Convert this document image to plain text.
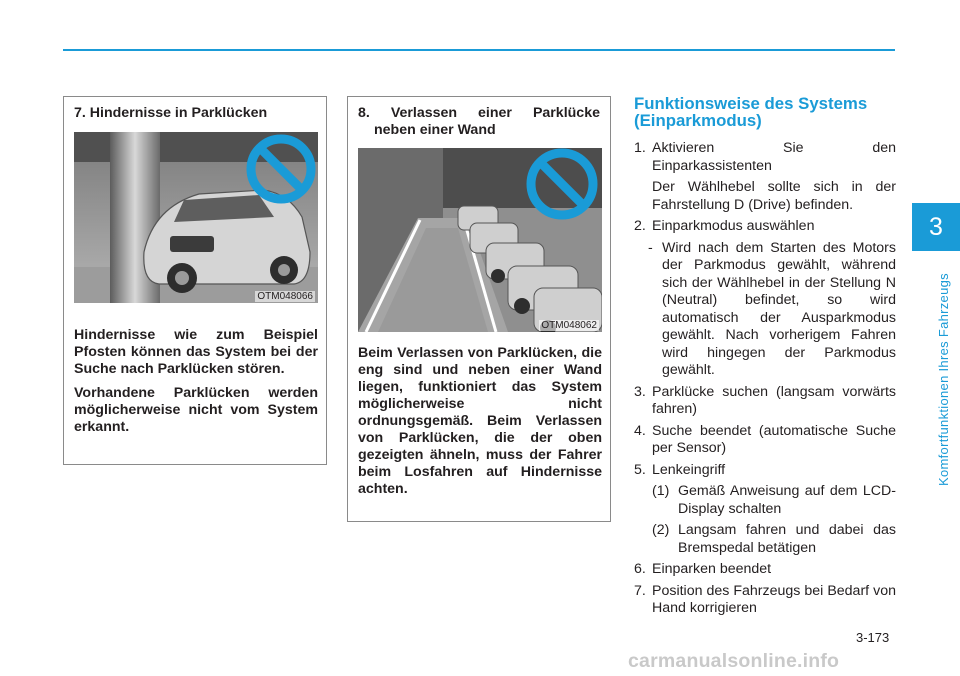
3
Komfortfunktionen Ihres Fahrzeugs
7. Hindernisse in Parklücken
OTM048066

Hindernisse wie zum Beispiel Pfosten können das System bei der Suche nach Parklücken stören.

Vorhandene Parklücken werden möglicherweise nicht vom System erkannt.

8. Verlassen einer Parklücke
neben einer Wand
OTM048062

Beim Verlassen von Parklücken, die eng sind und neben einer Wand liegen, funktioniert das System möglicherweise nicht ordnungsgemäß. Beim Verlassen von Parklücken, die der oben gezeigten ähneln, muss der Fahrer beim Losfahren auf Hindernisse achten.

Funktionsweise des Systems (Einparkmodus)
1. Aktivieren	Sie	den
Einparkassistenten
Der Wählhebel sollte sich in der Fahrstellung D (Drive) befinden.
2. Einparkmodus auswählen
- Wird nach dem Starten des Motors der Parkmodus gewählt, während sich der Wählhebel in der Stellung N (Neutral) befindet, so wird automatisch der Ausparkmodus gewählt. Nach vorherigem Fahren wird hingegen der Parkmodus gewählt.
3. Parklücke suchen (langsam vorwärts fahren)
4. Suche beendet (automatische Suche per Sensor)
5. Lenkeingriff
(1) Gemäß Anweisung auf dem LCD-Display schalten
(2) Langsam fahren und dabei das Bremspedal betätigen
6. Einparken beendet
7. Position des Fahrzeugs bei Bedarf von Hand korrigieren
3-173
carmanualsonline.info
